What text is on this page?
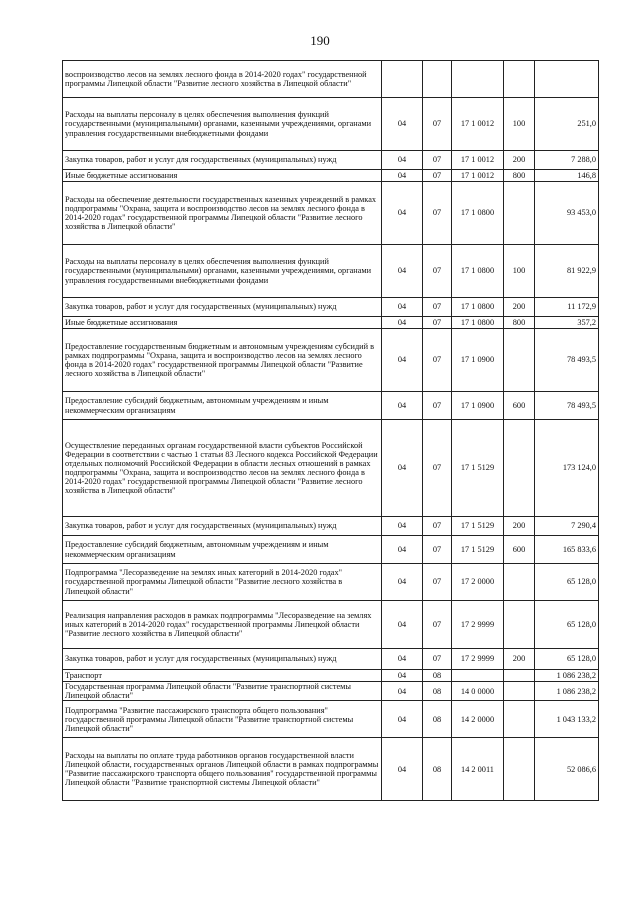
190
воспроизводство лесов на землях лесного фонда в 2014-2020 годах" государственной программы Липецкой области "Развитие лесного хозяйства в Липецкой области"					
Расходы на выплаты персоналу в целях обеспечения выполнения функций государственными (муниципальными) органами, казенными учреждениями, органами управления государственными внебюджетными фондами	04	07	17 1 0012	100	251,0
Закупка товаров, работ и услуг для государственных (муниципальных) нужд	04	07	17 1 0012	200	7 288,0
Иные бюджетные ассигнования	04	07	17 1 0012	800	146,8
Расходы на обеспечение деятельности государственных казенных учреждений в рамках подпрограммы "Охрана, защита и воспроизводство лесов на землях лесного фонда в 2014-2020 годах" государственной программы Липецкой области "Развитие лесного хозяйства в Липецкой области"	04	07	17 1 0800		93 453,0
Расходы на выплаты персоналу в целях обеспечения выполнения функций государственными (муниципальными) органами, казенными учреждениями, органами управления государственными внебюджетными фондами	04	07	17 1 0800	100	81 922,9
Закупка товаров, работ и услуг для государственных (муниципальных) нужд	04	07	17 1 0800	200	11 172,9
Иные бюджетные ассигнования	04	07	17 1 0800	800	357,2
Предоставление государственным бюджетным и автономным учреждениям субсидий в рамках подпрограммы "Охрана, защита и воспроизводство лесов на землях лесного фонда в 2014-2020 годах" государственной программы Липецкой области "Развитие лесного хозяйства в Липецкой области"	04	07	17 1 0900		78 493,5
Предоставление субсидий бюджетным, автономным учреждениям и иным некоммерческим организациям	04	07	17 1 0900	600	78 493,5
Осуществление переданных органам государственной власти субъектов Российской Федерации в соответствии с частью 1 статьи 83 Лесного кодекса Российской Федерации отдельных полномочий Российской Федерации в области лесных отношений в рамках подпрограммы "Охрана, защита и воспроизводство лесов на землях лесного фонда в 2014-2020 годах" государственной программы Липецкой области "Развитие лесного хозяйства в Липецкой области"	04	07	17 1 5129		173 124,0
Закупка товаров, работ и услуг для государственных (муниципальных) нужд	04	07	17 1 5129	200	7 290,4
Предоставление субсидий бюджетным, автономным учреждениям и иным некоммерческим организациям	04	07	17 1 5129	600	165 833,6
Подпрограмма "Лесоразведение на землях иных категорий в 2014-2020 годах" государственной программы Липецкой области "Развитие лесного хозяйства в Липецкой области"	04	07	17 2 0000		65 128,0
Реализация направления расходов в рамках подпрограммы "Лесоразведение на землях иных категорий в 2014-2020 годах" государственной программы Липецкой области "Развитие лесного хозяйства в Липецкой области"	04	07	17 2 9999		65 128,0
Закупка товаров, работ и услуг для государственных (муниципальных) нужд	04	07	17 2 9999	200	65 128,0
Транспорт	04	08			1 086 238,2
Государственная программа Липецкой области "Развитие транспортной системы Липецкой области"	04	08	14 0 0000		1 086 238,2
Подпрограмма "Развитие пассажирского транспорта общего пользования" государственной программы Липецкой области "Развитие транспортной системы Липецкой области"	04	08	14 2 0000		1 043 133,2
Расходы на выплаты по оплате труда работников органов государственной власти Липецкой области, государственных органов Липецкой области в рамках подпрограммы "Развитие пассажирского транспорта общего пользования" государственной программы Липецкой области "Развитие транспортной системы Липецкой области"	04	08	14 2 0011		52 086,6
